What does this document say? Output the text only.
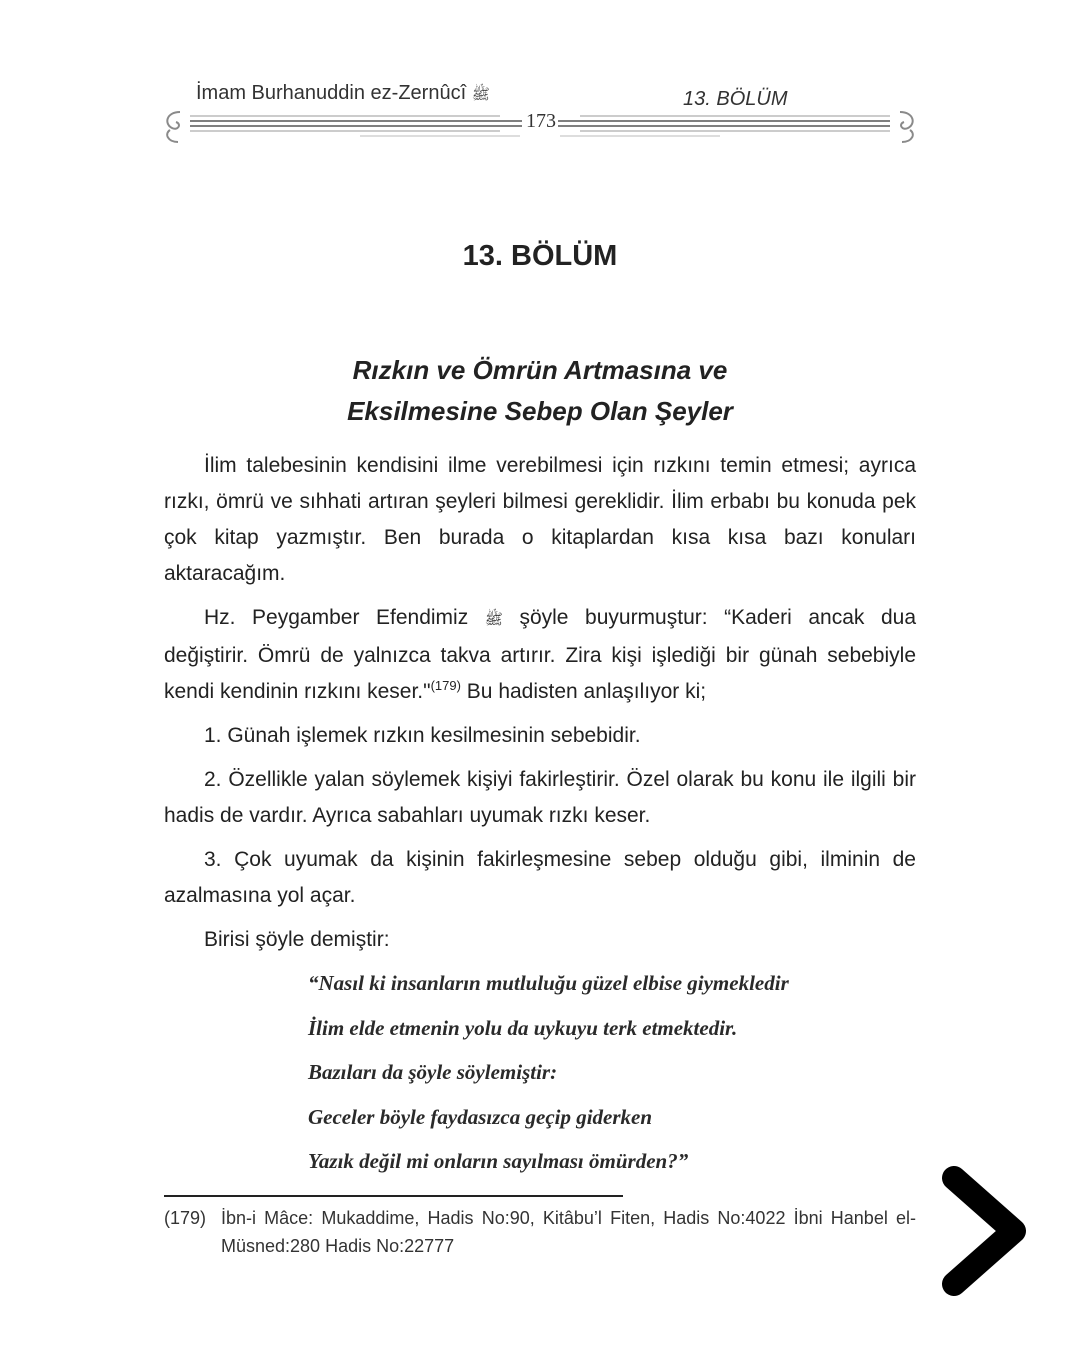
İmam Burhanuddin ez-Zernûcî ﷺ	13. BÖLÜM
173
13. BÖLÜM
Rızkın ve Ömrün Artmasına ve
Eksilmesine Sebep Olan Şeyler

İlim talebesinin kendisini ilme verebilmesi için rızkını temin etmesi; ayrıca rızkı, ömrü ve sıhhati artıran şeyleri bilmesi gereklidir. İlim erbabı bu konuda pek çok kitap yazmıştır. Ben burada o kitaplardan kısa kısa bazı konuları aktaracağım.

Hz. Peygamber Efendimiz ﷺ şöyle buyurmuştur: “Kaderi ancak dua değiştirir. Ömrü de yalnızca takva artırır. Zira kişi işlediği bir günah sebebiyle kendi kendinin rızkını keser."$^{(179)}$ Bu hadisten anlaşılıyor ki;

1. Günah işlemek rızkın kesilmesinin sebebidir.

2. Özellikle yalan söylemek kişiyi fakirleştirir. Özel olarak bu konu ile ilgili bir hadis de vardır. Ayrıca sabahları uyumak rızkı keser.

3. Çok uyumak da kişinin fakirleşmesine sebep olduğu gibi, ilminin de azalmasına yol açar.

Birisi şöyle demiştir:

“Nasıl ki insanların mutluluğu güzel elbise giymekledir
İlim elde etmenin yolu da uykuyu terk etmektedir.
Bazıları da şöyle söylemiştir:
Geceler böyle faydasızca geçip giderken
Yazık değil mi onların sayılması ömürden?”
(179) İbn-i Mâce: Mukaddime, Hadis No:90, Kitâbu’l Fiten, Hadis No:4022 İbni Hanbel el-Müsned:280 Hadis No:22777
